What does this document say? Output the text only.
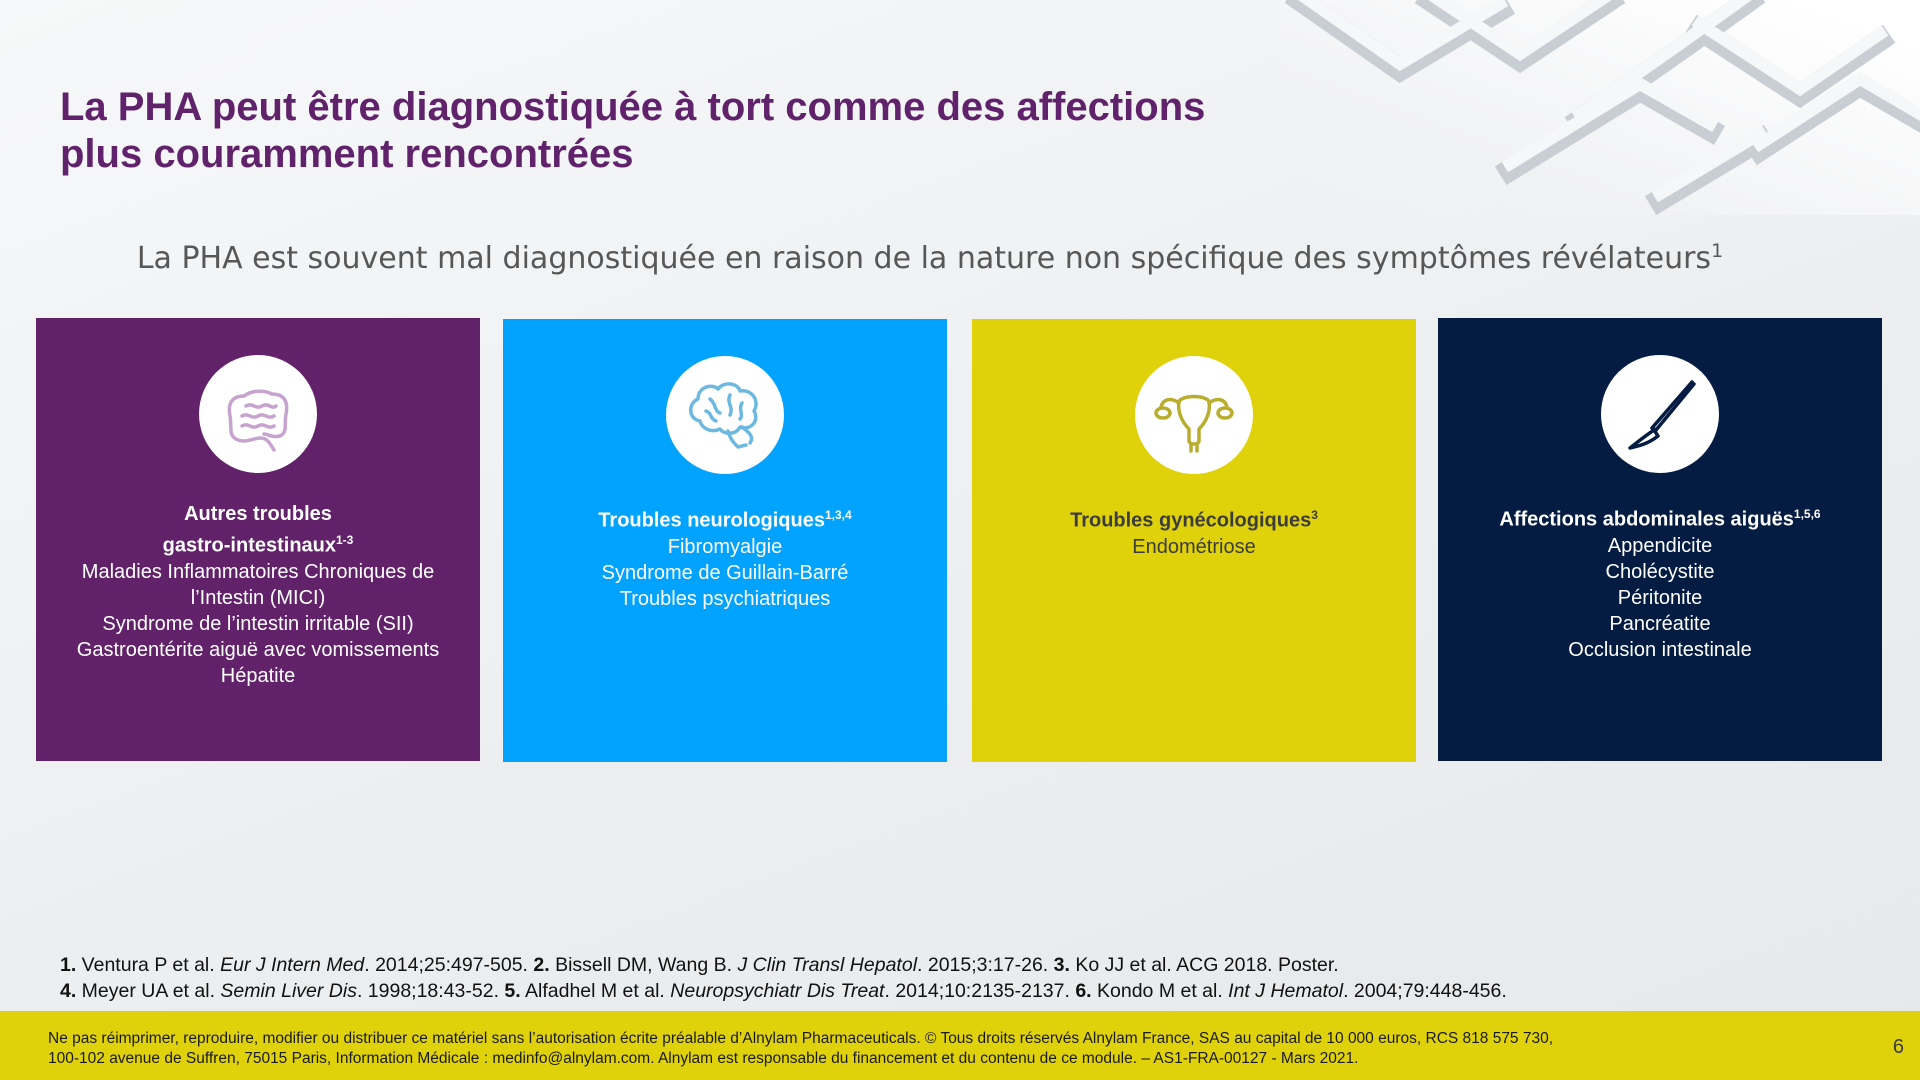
La PHA peut être diagnostiquée à tort comme des affections
plus couramment rencontrées
La PHA est souvent mal diagnostiquée en raison de la nature non spécifique des symptômes révélateurs$^1$
Autres troubles
gastro-intestinaux$^{1-3}$
Maladies Inflammatoires Chroniques de
l’Intestin (MICI)
Syndrome de l’intestin irritable (SII)
Gastroentérite aiguë avec vomissements
Hépatite
Troubles neurologiques$^{1,3,4}$
Fibromyalgie
Syndrome de Guillain-Barré
Troubles psychiatriques
Troubles gynécologiques$^3$
Endométriose
Affections abdominales aiguës$^{1,5,6}$
Appendicite
Cholécystite
Péritonite
Pancréatite
Occlusion intestinale
1. Ventura P et al. Eur J Intern Med. 2014;25:497-505. 2. Bissell DM, Wang B. J Clin Transl Hepatol. 2015;3:17-26. 3. Ko JJ et al. ACG 2018. Poster.
4. Meyer UA et al. Semin Liver Dis. 1998;18:43-52. 5. Alfadhel M et al. Neuropsychiatr Dis Treat. 2014;10:2135-2137. 6. Kondo M et al. Int J Hematol. 2004;79:448-456.
Ne pas réimprimer, reproduire, modifier ou distribuer ce matériel sans l’autorisation écrite préalable d’Alnylam Pharmaceuticals. © Tous droits réservés Alnylam France, SAS au capital de 10 000 euros, RCS 818 575 730,
100-102 avenue de Suffren, 75015 Paris, Information Médicale : medinfo@alnylam.com. Alnylam est responsable du financement et du contenu de ce module. – AS1-FRA-00127 - Mars 2021.
6
